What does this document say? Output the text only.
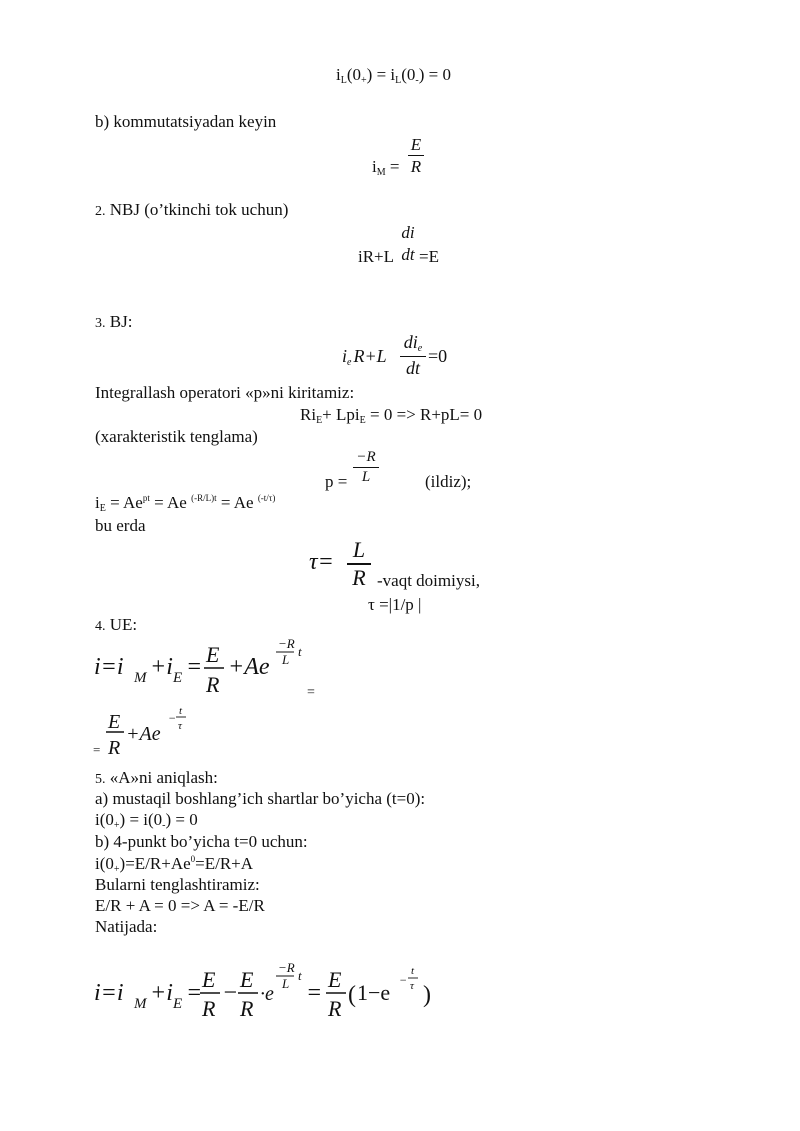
$i_L(0_+) = i_L(0_-) = 0$
b) kommutatsiyadan keyin
$i_M$ =
E
R
2. NBJ (o’tkinchi tok uchun)
iR+L
di
dt =E
3. BJ:
$i_e$ R+L
$di_e$
dt
=0
Integrallash operatori «p»ni kiritamiz:
$Ri_E+ Lpi_E = 0 => R+pL= 0$
(xarakteristik tenglama)
p =
−R
L	(ildiz);
$i_E = Ae^{pt} = Ae$ $^{(-R/L)t}$ = Ae $^{(-t/\tau)}$
bu erda
τ= L
R -vaqt doimiysi,
τ =|1/p |
4. UE:
i=i M +i E = E
R
+Ae
−R
L
t
=
E
R
+Ae
− t
τ
=
5. «A»ni aniqlash:
a) mustaqil boshlang’ich shartlar bo’yicha (t=0):
$i(0_+) = i(0_-) = 0$
b) 4-punkt bo’yicha t=0 uchun:
$i(0_+)=E/R+Ae^0=E/R+A$
Bularni tenglashtiramiz:
E/R + A = 0 => A = -E/R
Natijada:
i=i M +i E =
E
R
−
E
R
·e
−R
L
t
=
E
R
( 1−e −
t
τ )
